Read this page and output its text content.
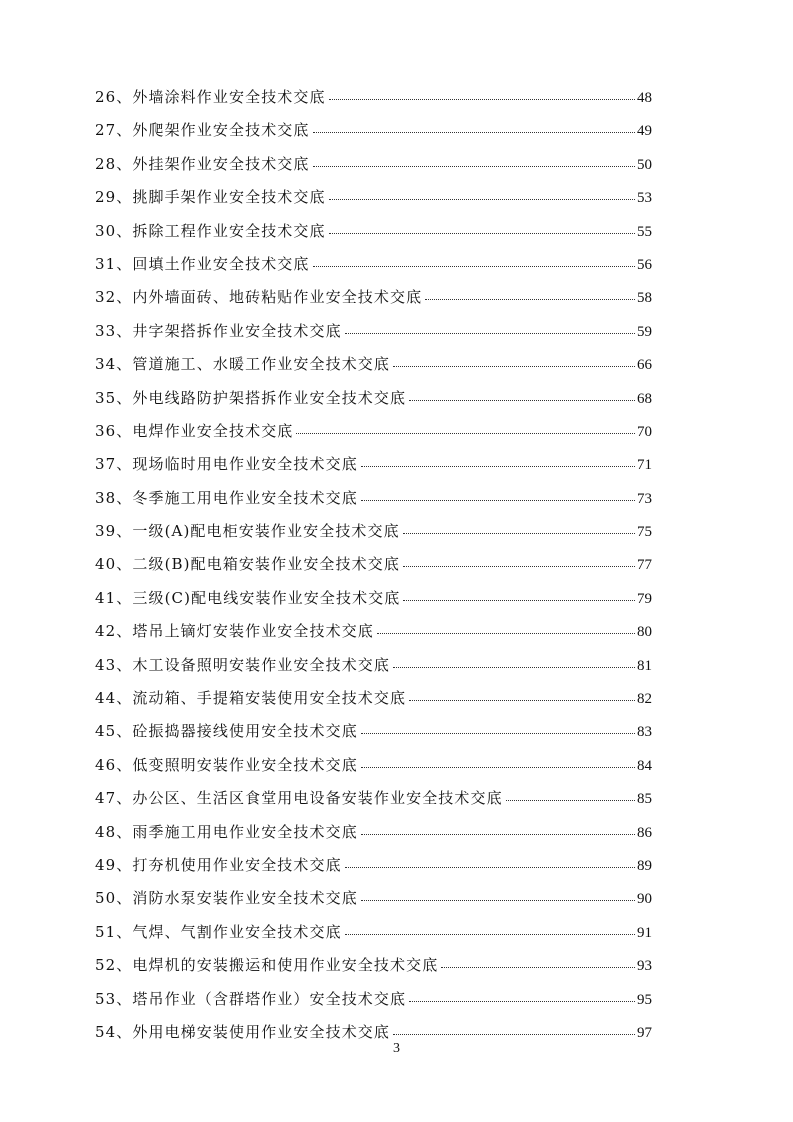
26、外墙涂料作业安全技术交底	48
27、外爬架作业安全技术交底	49
28、外挂架作业安全技术交底	50
29、挑脚手架作业安全技术交底	53
30、拆除工程作业安全技术交底	55
31、回填土作业安全技术交底	56
32、内外墙面砖、地砖粘贴作业安全技术交底	58
33、井字架搭拆作业安全技术交底	59
34、管道施工、水暖工作业安全技术交底	66
35、外电线路防护架搭拆作业安全技术交底	68
36、电焊作业安全技术交底	70
37、现场临时用电作业安全技术交底	71
38、冬季施工用电作业安全技术交底	73
39、一级(A)配电柜安装作业安全技术交底	75
40、二级(B)配电箱安装作业安全技术交底	77
41、三级(C)配电线安装作业安全技术交底	79
42、塔吊上镝灯安装作业安全技术交底	80
43、木工设备照明安装作业安全技术交底	81
44、流动箱、手提箱安装使用安全技术交底	82
45、砼振捣器接线使用安全技术交底	83
46、低变照明安装作业安全技术交底	84
47、办公区、生活区食堂用电设备安装作业安全技术交底	85
48、雨季施工用电作业安全技术交底	86
49、打夯机使用作业安全技术交底	89
50、消防水泵安装作业安全技术交底	90
51、气焊、气割作业安全技术交底	91
52、电焊机的安装搬运和使用作业安全技术交底	93
53、塔吊作业（含群塔作业）安全技术交底	95
54、外用电梯安装使用作业安全技术交底	97
3
